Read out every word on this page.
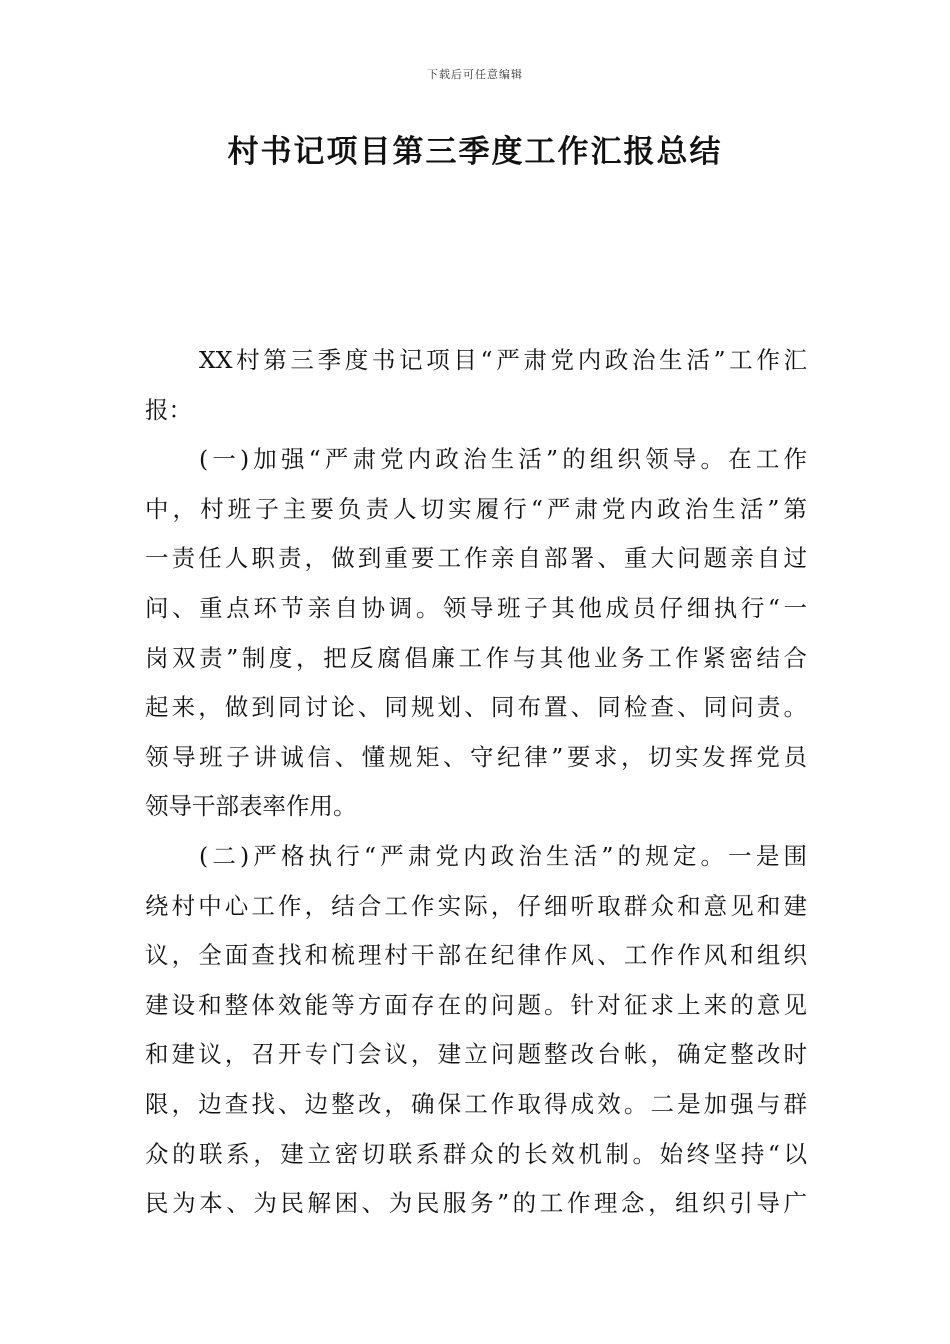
下载后可任意编辑
村书记项目第三季度工作汇报总结
XX村第三季度书记项目“严肃党内政治生活”工作汇
报：
(一)加强“严肃党内政治生活”的组织领导。在工作
中，村班子主要负责人切实履行“严肃党内政治生活”第
一责任人职责，做到重要工作亲自部署、重大问题亲自过
问、重点环节亲自协调。领导班子其他成员仔细执行“一
岗双责”制度，把反腐倡廉工作与其他业务工作紧密结合
起来，做到同讨论、同规划、同布置、同检查、同问责。
领导班子讲诚信、懂规矩、守纪律”要求，切实发挥党员
领导干部表率作用。
(二)严格执行“严肃党内政治生活”的规定。一是围
绕村中心工作，结合工作实际，仔细听取群众和意见和建
议，全面查找和梳理村干部在纪律作风、工作作风和组织
建设和整体效能等方面存在的问题。针对征求上来的意见
和建议，召开专门会议，建立问题整改台帐，确定整改时
限，边查找、边整改，确保工作取得成效。二是加强与群
众的联系，建立密切联系群众的长效机制。始终坚持“以
民为本、为民解困、为民服务”的工作理念，组织引导广
